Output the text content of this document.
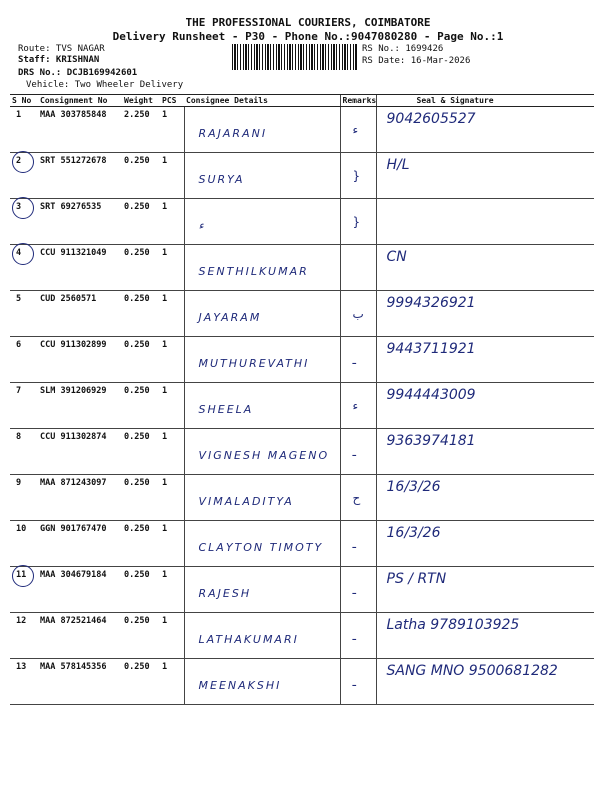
THE PROFESSIONAL COURIERS, COIMBATORE
Delivery Runsheet - P30 - Phone No.:9047080280 - Page No.:1
Route: TVS NAGAR
Staff: KRISHNAN
DRS No.: DCJB169942601
Vehicle: Two Wheeler Delivery
RS No.: 1699426
RS Date: 16-Mar-2026
S No	Consignment No	Weight	PCS	Consignee Details	Remarks	Seal & Signature
1	MAA 303785848	2.250	1	RAJARANI	ء	9042605527

2	SRT 551272678	0.250	1	SURYA	}	H/L

3	SRT 69276535	0.250	1	ء	}	

4	CCU 911321049	0.250	1	SENTHILKUMAR		CN

5	CUD 2560571	0.250	1	JAYARAM	ب	9994326921

6	CCU 911302899	0.250	1	MUTHUREVATHI	ـ	9443711921

7	SLM 391206929	0.250	1	SHEELA	ء	9944443009

8	CCU 911302874	0.250	1	VIGNESH MAGENO	ـ	9363974181

9	MAA 871243097	0.250	1	VIMALADITYA	ح	16/3/26

10	GGN 901767470	0.250	1	CLAYTON TIMOTY	ـ	16/3/26

11	MAA 304679184	0.250	1	RAJESH	ـ	PS / RTN

12	MAA 872521464	0.250	1	LATHAKUMARI	ـ	Latha 9789103925

13	MAA 578145356	0.250	1	MEENAKSHI	ـ	SANG MNO 9500681282
